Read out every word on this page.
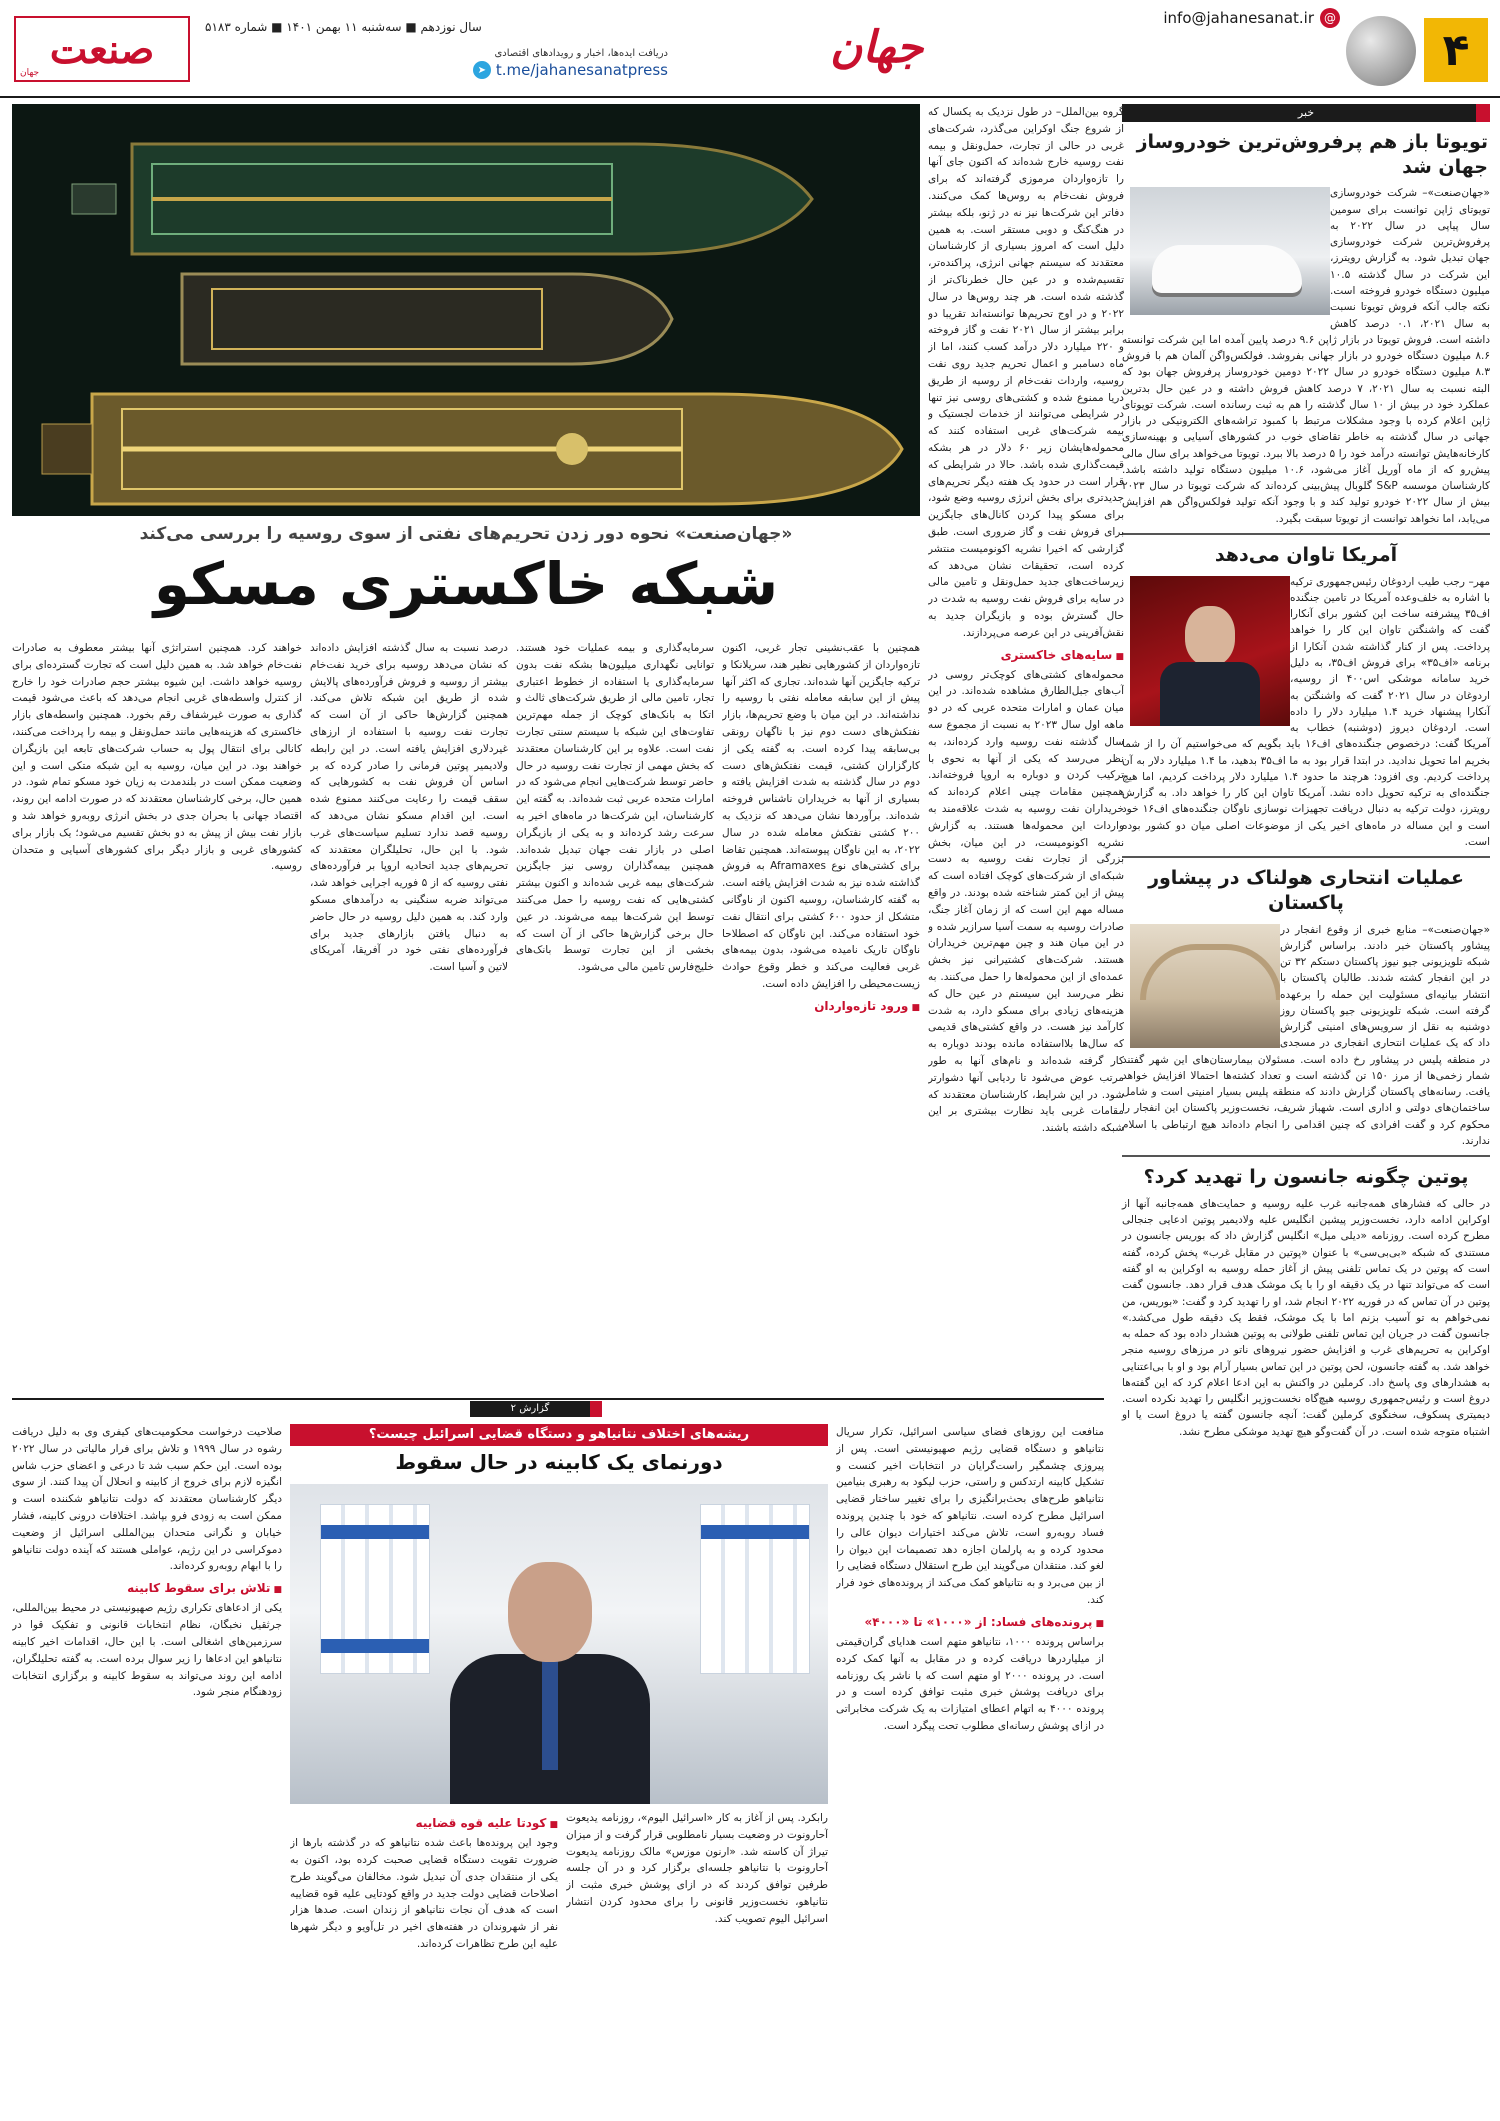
۴
info@jahanesanat.ir @
جهان
دریافت ایده‌ها، اخبار و رویدادهای اقتصادی
➤ t.me/jahanesanatpress
سال نوزدهم ■ سه‌شنبه ۱۱ بهمن ۱۴۰۱ ■ شماره ۵۱۸۳
صنعت
جهان
خبر
تویوتا باز هم پرفروش‌ترین خودروساز جهان شد
«جهان‌صنعت»– شرکت خودروسازی تویوتای ژاپن توانست برای سومین سال پیاپی در سال ۲۰۲۲ به پرفروش‌ترین شرکت خودروسازی جهان تبدیل شود. به گزارش رویترز، این شرکت در سال گذشته ۱۰.۵ میلیون دستگاه خودرو فروخته است. نکته جالب آنکه فروش تویوتا نسبت به سال ۲۰۲۱، ۰.۱ درصد کاهش داشته است. فروش تویوتا در بازار ژاپن ۹.۶ درصد پایین آمده اما این شرکت توانسته ۸.۶ میلیون دستگاه خودرو در بازار جهانی بفروشد. فولکس‌واگن آلمان هم با فروش ۸.۳ میلیون دستگاه خودرو در سال ۲۰۲۲ دومین خودروساز پرفروش جهان بود که البته نسبت به سال ۲۰۲۱، ۷ درصد کاهش فروش داشته و در عین حال بدترین عملکرد خود در بیش از ۱۰ سال گذشته را هم به ثبت رسانده است. شرکت تویوتای ژاپن اعلام کرده با وجود مشکلات مرتبط با کمبود تراشه‌های الکترونیکی در بازار جهانی در سال گذشته به خاطر تقاضای خوب در کشورهای آسیایی و بهینه‌سازی کارخانه‌هایش توانسته درآمد خود را ۵ درصد بالا ببرد. تویوتا می‌خواهد برای سال مالی پیش‌رو که از ماه آوریل آغاز می‌شود، ۱۰.۶ میلیون دستگاه تولید داشته باشد. کارشناسان موسسه S&P گلوبال پیش‌بینی کرده‌اند که شرکت تویوتا در سال ۲۰۲۳ بیش از سال ۲۰۲۲ خودرو تولید کند و با وجود آنکه تولید فولکس‌واگن هم افزایش می‌یابد، اما نخواهد توانست از تویوتا سبقت بگیرد.
آمریکا تاوان می‌دهد
مهر– رجب طیب اردوغان رئیس‌جمهوری ترکیه با اشاره به خلف‌وعده آمریکا در تامین جنگنده اف‌۳۵ پیشرفته ساخت این کشور برای آنکارا گفت که واشنگتن تاوان این کار را خواهد پرداخت. پس از کنار گذاشته شدن آنکارا از برنامه «اف‌۳۵» برای فروش اف‌۳۵، به دلیل خرید سامانه موشکی اس‌۴۰۰ از روسیه، اردوغان در سال ۲۰۲۱ گفت که واشنگتن به آنکارا پیشنهاد خرید ۱.۴ میلیارد دلار را داده است. اردوغان دیروز (دوشنبه) خطاب به آمریکا گفت: درخصوص جنگنده‌های اف‌۱۶ باید بگویم که می‌خواستیم آن را از شما بخریم اما تحویل ندادید. در ابتدا قرار بود به ما اف‌۳۵ بدهید، ما ۱.۴ میلیارد دلار به آن پرداخت کردیم. وی افزود: هرچند ما حدود ۱.۴ میلیارد دلار پرداخت کردیم، اما هیچ جنگنده‌ای به ترکیه تحویل داده نشد. آمریکا تاوان این کار را خواهد داد. به گزارش رویترز، دولت ترکیه به دنبال دریافت تجهیزات نوسازی ناوگان جنگنده‌های اف‌۱۶ خود است و این مساله در ماه‌های اخیر یکی از موضوعات اصلی میان دو کشور بوده است.
عملیات انتحاری هولناک در پیشاور پاکستان
«جهان‌صنعت»– منابع خبری از وقوع انفجار در پیشاور پاکستان خبر دادند. براساس گزارش شبکه تلویزیونی جیو نیوز پاکستان دستکم ۳۲ تن در این انفجار کشته شدند. طالبان پاکستان با انتشار بیانیه‌ای مسئولیت این حمله را برعهده گرفته است. شبکه تلویزیونی جیو پاکستان روز دوشنبه به نقل از سرویس‌های امنیتی گزارش داد که یک عملیات انتحاری انفجاری در مسجدی در منطقه پلیس در پیشاور رخ داده است. مسئولان بیمارستان‌های این شهر گفتند شمار زخمی‌ها از مرز ۱۵۰ تن گذشته است و تعداد کشته‌ها احتمالا افزایش خواهد یافت. رسانه‌های پاکستان گزارش دادند که منطقه پلیس بسیار امنیتی است و شامل ساختمان‌های دولتی و اداری است. شهباز شریف، نخست‌وزیر پاکستان این انفجار را محکوم کرد و گفت افرادی که چنین اقدامی را انجام داده‌اند هیچ ارتباطی با اسلام ندارند.
پوتین چگونه جانسون را تهدید کرد؟
در حالی که فشارهای همه‌جانبه غرب علیه روسیه و حمایت‌های همه‌جانبه آنها از اوکراین ادامه دارد، نخست‌وزیر پیشین انگلیس علیه ولادیمیر پوتین ادعایی جنجالی مطرح کرده است. روزنامه «دیلی میل» انگلیس گزارش داد که بوریس جانسون در مستندی که شبکه «بی‌بی‌سی» با عنوان «پوتین در مقابل غرب» پخش کرده، گفته است که پوتین در یک تماس تلفنی پیش از آغاز حمله روسیه به اوکراین به او گفته است که می‌تواند تنها در یک دقیقه او را با یک موشک هدف قرار دهد. جانسون گفت پوتین در آن تماس که در فوریه ۲۰۲۲ انجام شد، او را تهدید کرد و گفت: «بوریس، من نمی‌خواهم به تو آسیب بزنم اما با یک موشک، فقط یک دقیقه طول می‌کشد.» جانسون گفت در جریان این تماس تلفنی طولانی به پوتین هشدار داده بود که حمله به اوکراین به تحریم‌های غرب و افزایش حضور نیروهای ناتو در مرزهای روسیه منجر خواهد شد. به گفته جانسون، لحن پوتین در این تماس بسیار آرام بود و او با بی‌اعتنایی به هشدارهای وی پاسخ داد. کرملین در واکنش به این ادعا اعلام کرد که این گفته‌ها دروغ است و رئیس‌جمهوری روسیه هیچ‌گاه نخست‌وزیر انگلیس را تهدید نکرده است. دیمیتری پسکوف، سخنگوی کرملین گفت: آنچه جانسون گفته یا دروغ است یا او اشتباه متوجه شده است. در آن گفت‌وگو هیچ تهدید موشکی مطرح نشد.
گروه بین‌الملل– در طول نزدیک به یکسال که از شروع جنگ اوکراین می‌گذرد، شرکت‌های غربی در حالی از تجارت، حمل‌ونقل و بیمه نفت روسیه خارج شده‌اند که اکنون جای آنها را تازه‌واردان مرموزی گرفته‌اند که برای فروش نفت‌خام به روس‌ها کمک می‌کنند. دفاتر این شرکت‌ها نیز نه در ژنو، بلکه بیشتر در هنگ‌کنگ و دوبی مستقر است. به همین دلیل است که امروز بسیاری از کارشناسان معتقدند که سیستم جهانی انرژی، پراکنده‌تر، تقسیم‌شده و در عین حال خطرناک‌تر از گذشته شده است. هر چند روس‌ها در سال ۲۰۲۲ و در اوج تحریم‌ها توانسته‌اند تقریبا دو برابر بیشتر از سال ۲۰۲۱ نفت و گاز فروخته و ۲۲۰ میلیارد دلار درآمد کسب کنند، اما از ماه دسامبر و اعمال تحریم جدید روی نفت روسیه، واردات نفت‌خام از روسیه از طریق دریا ممنوع شده و کشتی‌های روسی نیز تنها در شرایطی می‌توانند از خدمات لجستیک و بیمه شرکت‌های غربی استفاده کنند که محموله‌هایشان زیر ۶۰ دلار در هر بشکه قیمت‌گذاری شده باشد. حالا در شرایطی که قرار است در حدود یک هفته دیگر تحریم‌های جدیدتری برای بخش انرژی روسیه وضع شود، برای مسکو پیدا کردن کانال‌های جایگزین برای فروش نفت و گاز ضروری است. طبق گزارشی که اخیرا نشریه اکونومیست منتشر کرده است، تحقیقات نشان می‌دهد که زیرساخت‌های جدید حمل‌ونقل و تامین مالی در سایه برای فروش نفت روسیه به شدت در حال گسترش بوده و بازیگران جدید به نقش‌آفرینی در این عرصه می‌پردازند.
■ سایه‌های خاکستری
محموله‌های کشتی‌های کوچک‌تر روسی در آب‌های جبل‌الطارق مشاهده شده‌اند. در این میان عمان و امارات متحده عربی که در دو ماهه اول سال ۲۰۲۳ به نسبت از مجموع سه سال گذشته نفت روسیه وارد کرده‌اند، به نظر می‌رسد که یکی از آنها به نحوی با ترکیب کردن و دوباره به اروپا فروخته‌اند. همچنین مقامات چینی اعلام کرده‌اند که خریداران نفت روسیه به شدت علاقه‌مند به واردات این محموله‌ها هستند. به گزارش نشریه اکونومیست، در این میان، بخش بزرگی از تجارت نفت روسیه به دست شبکه‌ای از شرکت‌های کوچک افتاده است که پیش از این کمتر شناخته شده بودند. در واقع مساله مهم این است که از زمان آغاز جنگ، صادرات روسیه به سمت آسیا سرازیر شده و در این میان هند و چین مهم‌ترین خریداران هستند. شرکت‌های کشتیرانی نیز بخش عمده‌ای از این محموله‌ها را حمل می‌کنند. به نظر می‌رسد این سیستم در عین حال که هزینه‌های زیادی برای مسکو دارد، به شدت کارآمد نیز هست. در واقع کشتی‌های قدیمی که سال‌ها بلااستفاده مانده بودند دوباره به کار گرفته شده‌اند و نام‌های آنها به طور مرتب عوض می‌شود تا ردیابی آنها دشوارتر شود. در این شرایط، کارشناسان معتقدند که مقامات غربی باید نظارت بیشتری بر این شبکه داشته باشند.
«جهان‌صنعت» نحوه دور زدن تحریم‌های نفتی از سوی روسیه را بررسی می‌کند
شبکه خاکستری مسکو
همچنین با عقب‌نشینی تجار غربی، اکنون تازه‌واردان از کشورهایی نظیر هند، سریلانکا و ترکیه جایگزین آنها شده‌اند. تجاری که اکثر آنها پیش از این سابقه معامله نفتی با روسیه را نداشته‌اند. در این میان با وضع تحریم‌ها، بازار نفتکش‌های دست دوم نیز با ناگهان رونقی بی‌سابقه پیدا کرده است. به گفته یکی از کارگزاران کشتی، قیمت نفتکش‌های دست دوم در سال گذشته به شدت افزایش یافته و بسیاری از آنها به خریداران ناشناس فروخته شده‌اند. برآوردها نشان می‌دهد که نزدیک به ۲۰۰ کشتی نفتکش معامله شده در سال ۲۰۲۲، به این ناوگان پیوسته‌اند. همچنین تقاضا برای کشتی‌های نوع Aframaxes به فروش گذاشته شده نیز به شدت افزایش یافته است. به گفته کارشناسان، روسیه اکنون از ناوگانی متشکل از حدود ۶۰۰ کشتی برای انتقال نفت خود استفاده می‌کند. این ناوگان که اصطلاحا ناوگان تاریک نامیده می‌شود، بدون بیمه‌های غربی فعالیت می‌کند و خطر وقوع حوادث زیست‌محیطی را افزایش داده است.
■ ورود تازه‌واردان
سرمایه‌گذاری و بیمه عملیات خود هستند. توانایی نگهداری میلیون‌ها بشکه نفت بدون سرمایه‌گذاری یا استفاده از خطوط اعتباری تجار، تامین مالی از طریق شرکت‌های ثالث و اتکا به بانک‌های کوچک از جمله مهم‌ترین تفاوت‌های این شبکه با سیستم سنتی تجارت نفت است. علاوه بر این کارشناسان معتقدند که بخش مهمی از تجارت نفت روسیه در حال حاضر توسط شرکت‌هایی انجام می‌شود که در امارات متحده عربی ثبت شده‌اند. به گفته این کارشناسان، این شرکت‌ها در ماه‌های اخیر به سرعت رشد کرده‌اند و به یکی از بازیگران اصلی در بازار نفت جهان تبدیل شده‌اند. همچنین بیمه‌گذاران روسی نیز جایگزین شرکت‌های بیمه غربی شده‌اند و اکنون بیشتر کشتی‌هایی که نفت روسیه را حمل می‌کنند توسط این شرکت‌ها بیمه می‌شوند. در عین حال برخی گزارش‌ها حاکی از آن است که بخشی از این تجارت توسط بانک‌های خلیج‌فارس تامین مالی می‌شود.
درصد نسبت به سال گذشته افزایش داده‌اند که نشان می‌دهد روسیه برای خرید نفت‌خام بیشتر از روسیه و فروش فرآورده‌های پالایش شده از طریق این شبکه تلاش می‌کند. همچنین گزارش‌ها حاکی از آن است که تجارت نفت روسیه با استفاده از ارزهای غیردلاری افزایش یافته است. در این رابطه ولادیمیر پوتین فرمانی را صادر کرده که بر اساس آن فروش نفت به کشورهایی که سقف قیمت را رعایت می‌کنند ممنوع شده است. این اقدام مسکو نشان می‌دهد که روسیه قصد ندارد تسلیم سیاست‌های غرب شود. با این حال، تحلیلگران معتقدند که تحریم‌های جدید اتحادیه اروپا بر فرآورده‌های نفتی روسیه که از ۵ فوریه اجرایی خواهد شد، می‌تواند ضربه سنگینی به درآمدهای مسکو وارد کند. به همین دلیل روسیه در حال حاضر به دنبال یافتن بازارهای جدید برای فرآورده‌های نفتی خود در آفریقا، آمریکای لاتین و آسیا است.
خواهند کرد. همچنین استراتژی آنها بیشتر معطوف به صادرات نفت‌خام خواهد شد. به همین دلیل است که تجارت گسترده‌ای برای روسیه خواهد داشت. این شیوه بیشتر حجم صادرات خود را خارج از کنترل واسطه‌های غربی انجام می‌دهد که باعث می‌شود قیمت گذاری به صورت غیرشفاف رقم بخورد. همچنین واسطه‌های بازار خاکستری که هزینه‌هایی مانند حمل‌ونقل و بیمه را پرداخت می‌کنند، کانالی برای انتقال پول به حساب شرکت‌های تابعه این بازیگران خواهند بود. در این میان، روسیه به این شبکه متکی است و این وضعیت ممکن است در بلندمدت به زیان خود مسکو تمام شود. در همین حال، برخی کارشناسان معتقدند که در صورت ادامه این روند، اقتصاد جهانی با بحران جدی در بخش انرژی روبه‌رو خواهد شد و بازار نفت بیش از پیش به دو بخش تقسیم می‌شود؛ یک بازار برای کشورهای غربی و بازار دیگر برای کشورهای آسیایی و متحدان روسیه.
گزارش ۲
منافعت این روزهای فضای سیاسی اسرائیل، تکرار سریال نتانیاهو و دستگاه قضایی رژیم صهیونیستی است. پس از پیروزی چشمگیر راست‌گرایان در انتخابات اخیر کنست و تشکیل کابینه ارتدکس و راستی، حزب لیکود به رهبری بنیامین نتانیاهو طرح‌های بحث‌برانگیزی را برای تغییر ساختار قضایی اسرائیل مطرح کرده است. نتانیاهو که خود با چندین پرونده فساد روبه‌رو است، تلاش می‌کند اختیارات دیوان عالی را محدود کرده و به پارلمان اجازه دهد تصمیمات این دیوان را لغو کند. منتقدان می‌گویند این طرح استقلال دستگاه قضایی را از بین می‌برد و به نتانیاهو کمک می‌کند از پرونده‌های خود فرار کند.
■ پرونده‌های فساد: از «۱۰۰۰» تا «۴۰۰۰»
براساس پرونده ۱۰۰۰، نتانیاهو متهم است هدایای گران‌قیمتی از میلیاردرها دریافت کرده و در مقابل به آنها کمک کرده است. در پرونده ۲۰۰۰ او متهم است که با ناشر یک روزنامه برای دریافت پوشش خبری مثبت توافق کرده است و در پرونده ۴۰۰۰ به اتهام اعطای امتیازات به یک شرکت مخابراتی در ازای پوشش رسانه‌ای مطلوب تحت پیگرد است.
ریشه‌های اختلاف نتانیاهو و دستگاه قضایی اسرائیل چیست؟
دورنمای یک کابینه در حال سقوط
رابکرد. پس از آغاز به کار «اسرائیل الیوم»، روزنامه یدیعوت آحارونوت در وضعیت بسیار نامطلوبی قرار گرفت و از میزان تیراژ آن کاسته شد. «ارنون موزس» مالک روزنامه یدیعوت آحارونوت با نتانیاهو جلسه‌ای برگزار کرد و در آن جلسه طرفین توافق کردند که در ازای پوشش خبری مثبت از نتانیاهو، نخست‌وزیر قانونی را برای محدود کردن انتشار اسرائیل الیوم تصویب کند.
■ کودتا علیه قوه قضاییه
وجود این پرونده‌ها باعث شده نتانیاهو که در گذشته بارها از ضرورت تقویت دستگاه قضایی صحبت کرده بود، اکنون به یکی از منتقدان جدی آن تبدیل شود. مخالفان می‌گویند طرح اصلاحات قضایی دولت جدید در واقع کودتایی علیه قوه قضاییه است که هدف آن نجات نتانیاهو از زندان است. صدها هزار نفر از شهروندان در هفته‌های اخیر در تل‌آویو و دیگر شهرها علیه این طرح تظاهرات کرده‌اند.
صلاحیت درخواست محکومیت‌های کیفری وی به دلیل دریافت رشوه در سال ۱۹۹۹ و تلاش برای فرار مالیاتی در سال ۲۰۲۲ بوده است. این حکم سبب شد تا درعی و اعضای حزب شاس انگیزه لازم برای خروج از کابینه و انحلال آن پیدا کنند. از سوی دیگر کارشناسان معتقدند که دولت نتانیاهو شکننده است و ممکن است به زودی فرو بپاشد. اختلافات درونی کابینه، فشار خیابان و نگرانی متحدان بین‌المللی اسرائیل از وضعیت دموکراسی در این رژیم، عواملی هستند که آینده دولت نتانیاهو را با ابهام روبه‌رو کرده‌اند.
■ تلاش برای سقوط کابینه
یکی از ادعاهای تکراری رژیم صهیونیستی در محیط بین‌المللی، جرثقیل نخبگان، نظام انتخابات قانونی و تفکیک قوا در سرزمین‌های اشغالی است. با این حال، اقدامات اخیر کابینه نتانیاهو این ادعاها را زیر سوال برده است. به گفته تحلیلگران، ادامه این روند می‌تواند به سقوط کابینه و برگزاری انتخابات زودهنگام منجر شود.
